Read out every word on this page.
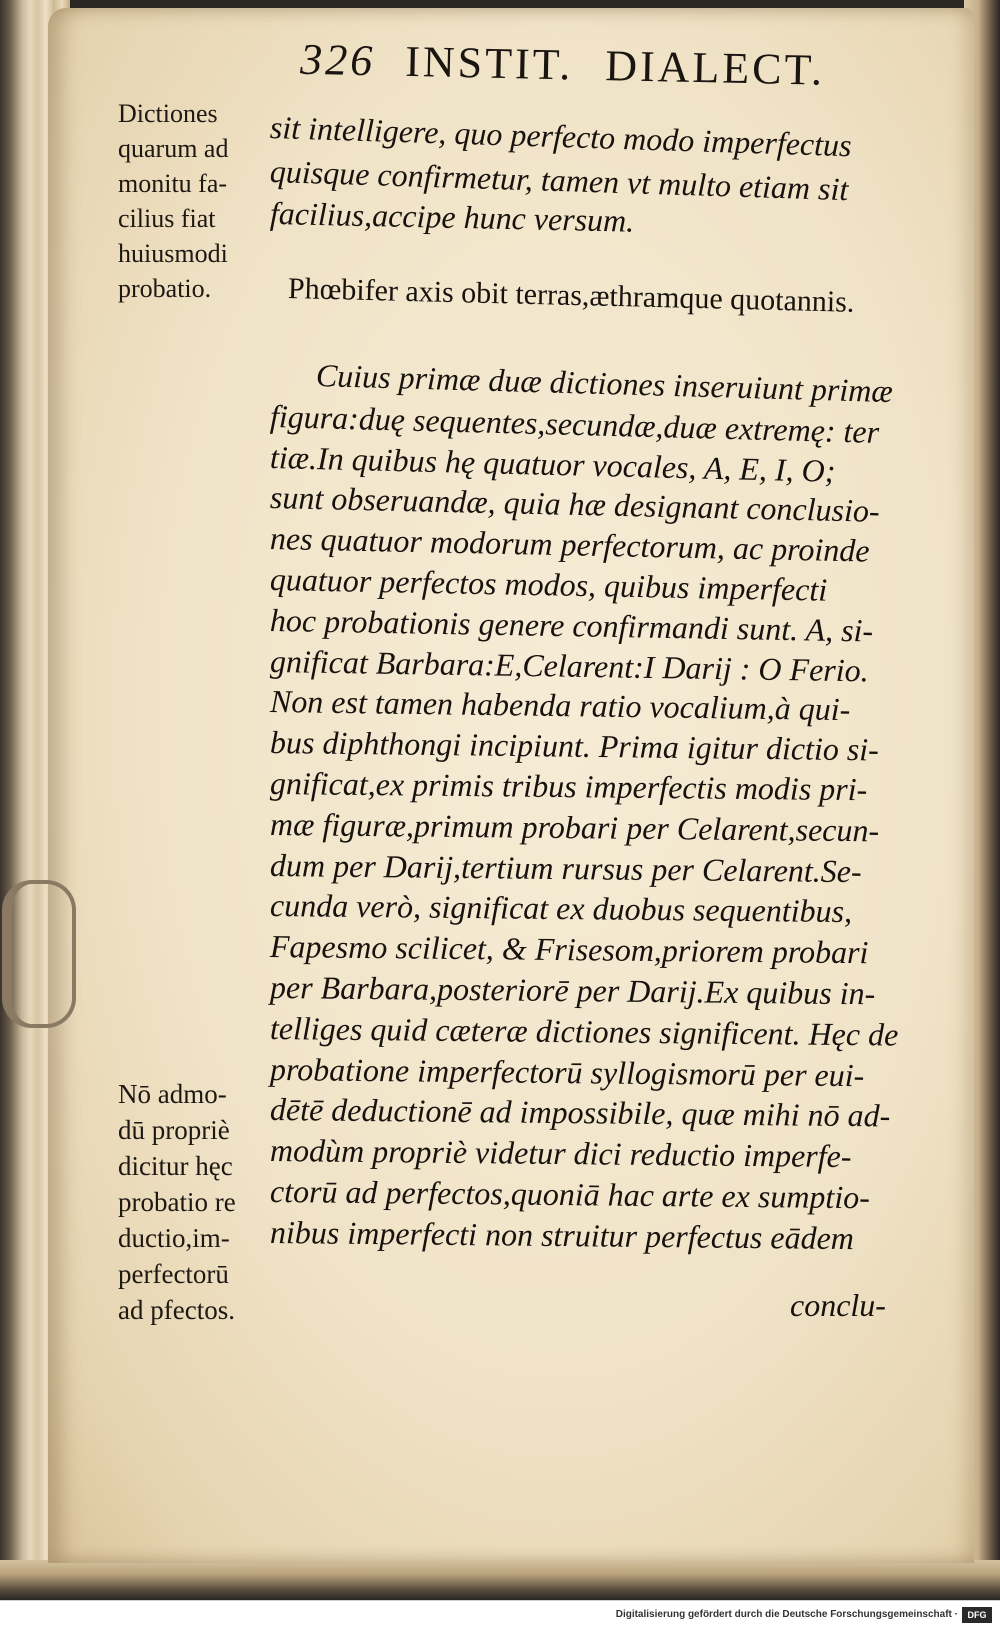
326 INSTIT. DIALECT.
Dictiones
quarum ad
monitu fa-
cilius fiat
huiusmodi
probatio.
Nō admo-
dū propriè
dicitur hęc
probatio re
ductio,im-
perfectorū
ad pfectos.
sit intelligere, quo perfecto modo imperfectus
quisque confirmetur, tamen vt multo etiam sit
facilius,accipe hunc versum.
Phœbifer axis obit terras,æthramque quotannis.
Cuius primæ duæ dictiones inseruiunt primæ
figura:duę sequentes,secundæ,duæ extremę: ter
tiæ.In quibus hę quatuor vocales, A, E, I, O;
sunt obseruandæ, quia hæ designant conclusio-
nes quatuor modorum perfectorum, ac proinde
quatuor perfectos modos, quibus imperfecti
hoc probationis genere confirmandi sunt. A, si-
gnificat Barbara:E,Celarent:I Darij : O Ferio.
Non est tamen habenda ratio vocalium,à qui-
bus diphthongi incipiunt. Prima igitur dictio si-
gnificat,ex primis tribus imperfectis modis pri-
mæ figuræ,primum probari per Celarent,secun-
dum per Darij,tertium rursus per Celarent.Se-
cunda verò, significat ex duobus sequentibus,
Fapesmo scilicet, & Frisesom,priorem probari
per Barbara,posteriorē per Darij.Ex quibus in-
telliges quid cæteræ dictiones significent. Hęc de
probatione imperfectorū syllogismorū per eui-
dētē deductionē ad impossibile, quæ mihi nō ad-
modùm propriè videtur dici reductio imperfe-
ctorū ad perfectos,quoniā hac arte ex sumptio-
nibus imperfecti non struitur perfectus eādem
conclu-
Digitalisierung gefördert durch die Deutsche Forschungsgemeinschaft ·	DFG
